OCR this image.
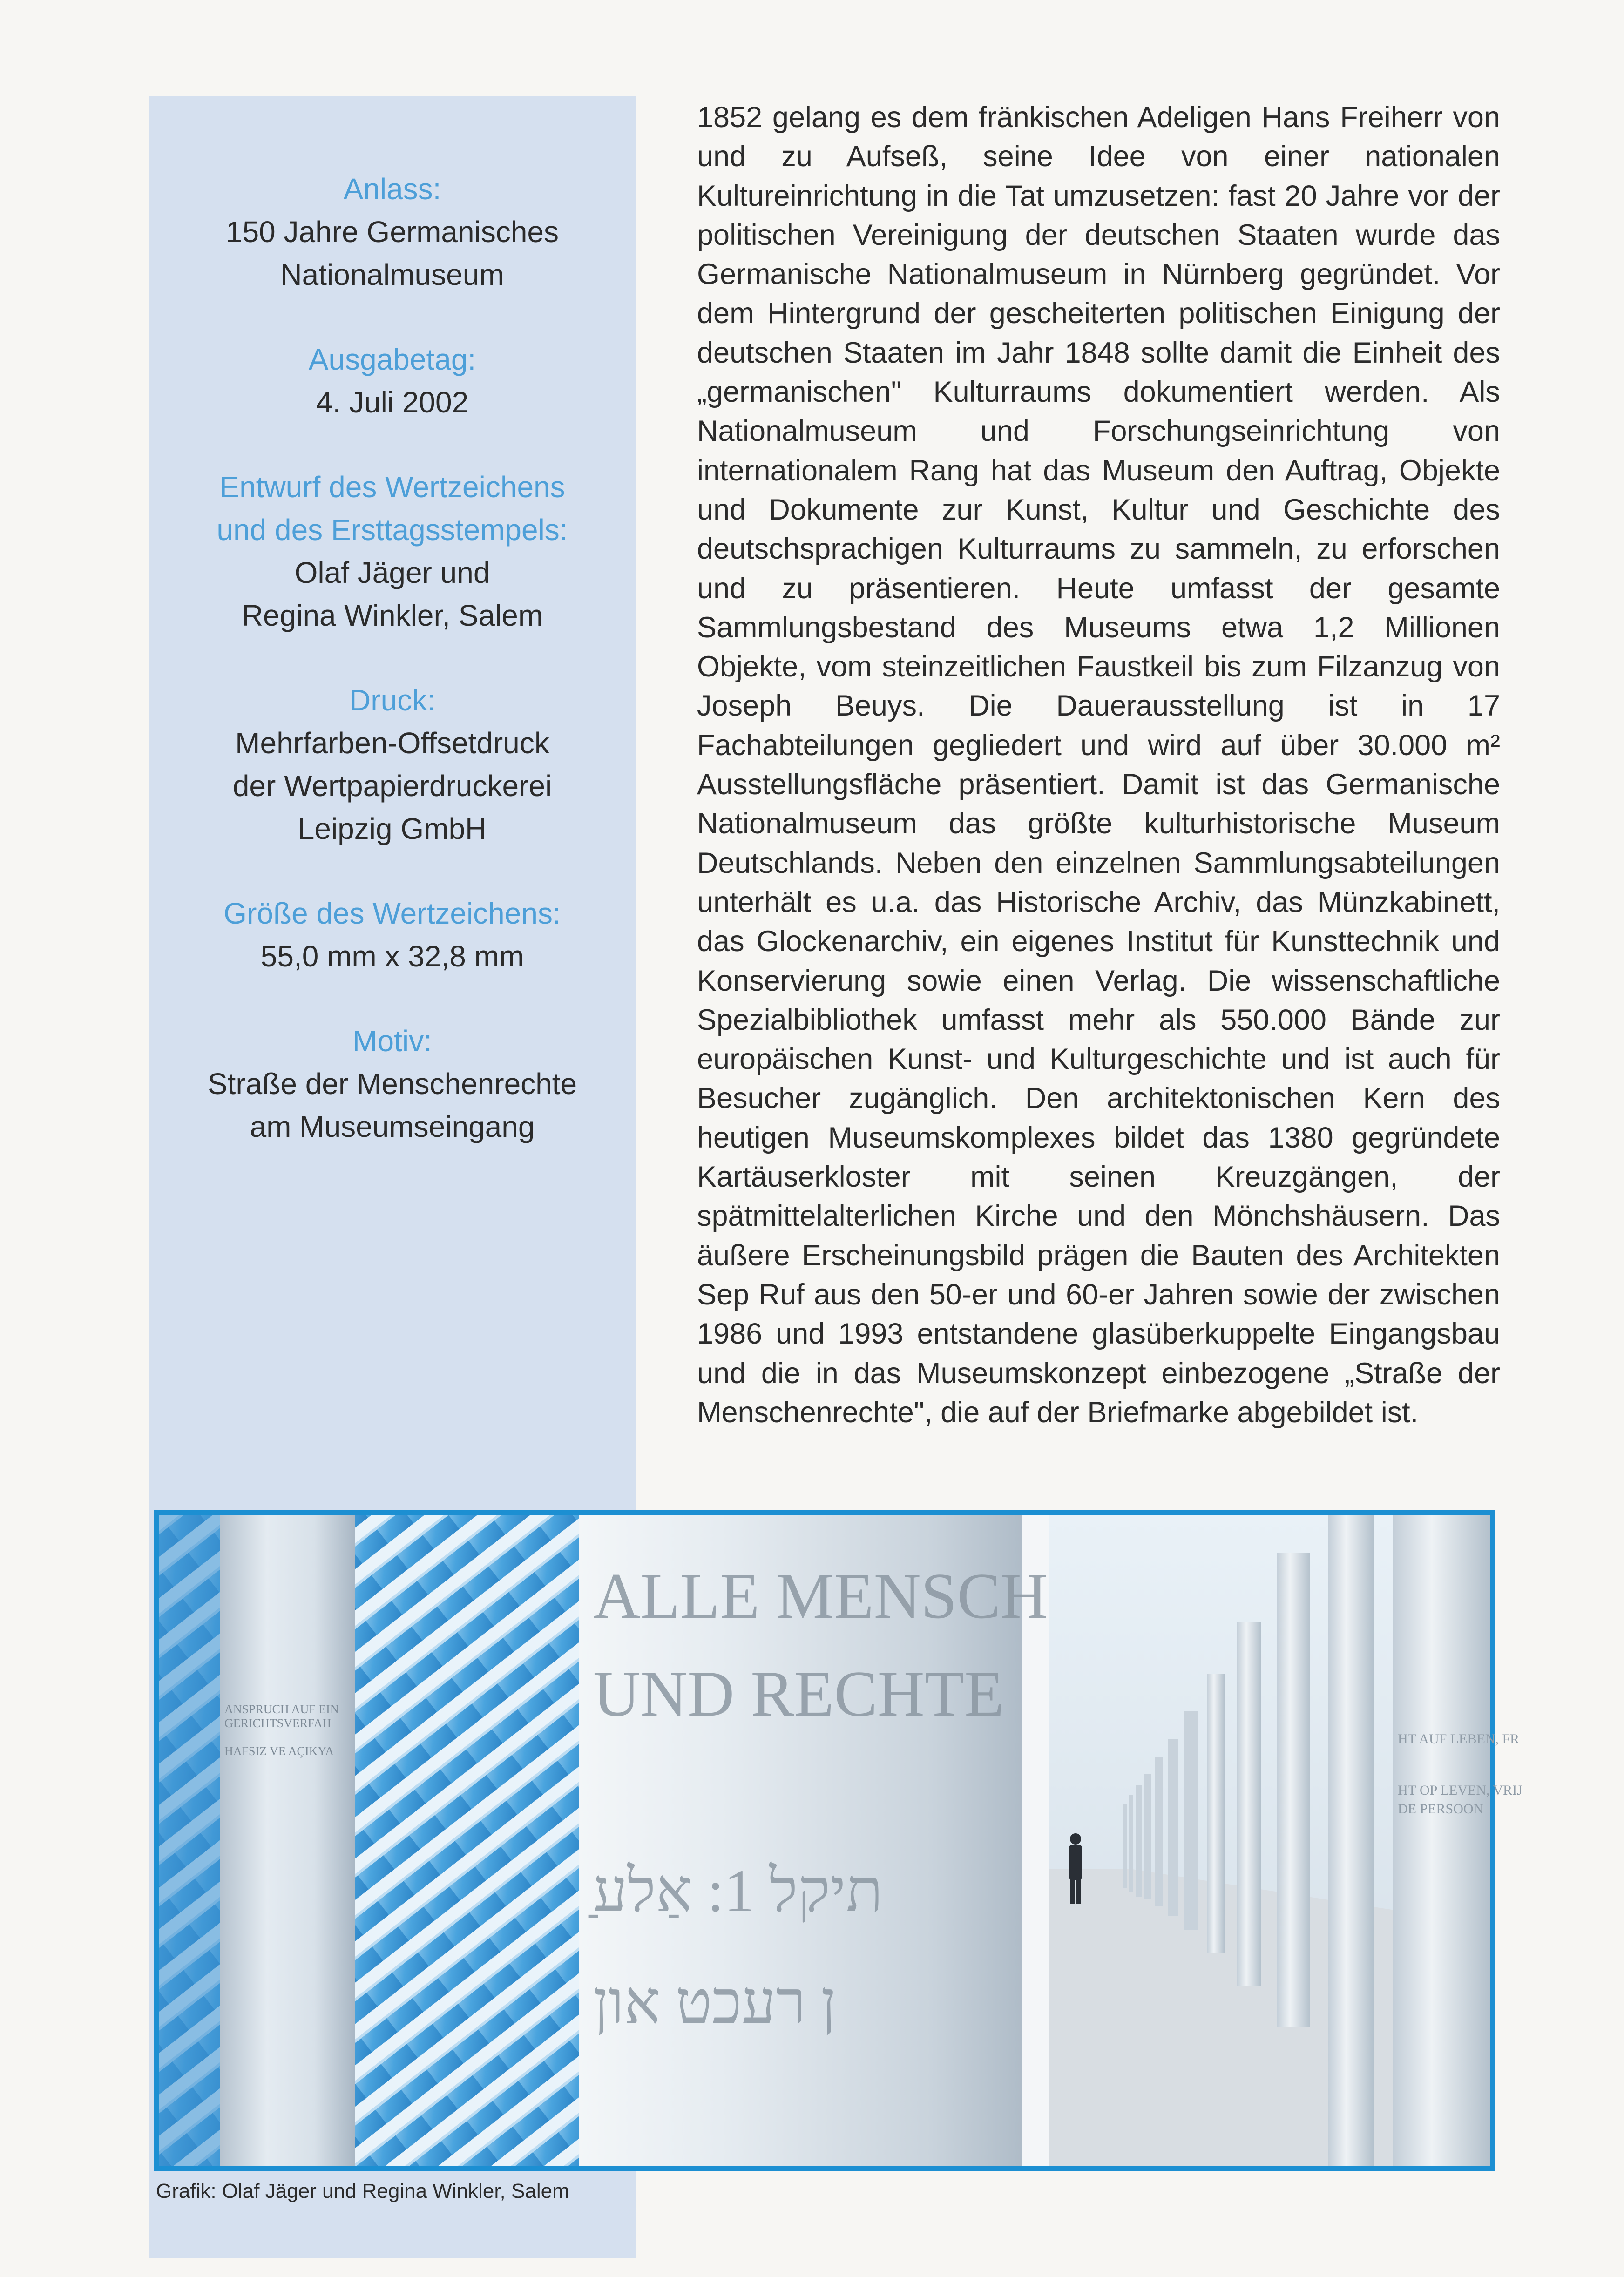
Anlass:

150 Jahre Germanisches
Nationalmuseum

Ausgabetag:

4. Juli 2002

Entwurf des Wertzeichens
und des Ersttagsstempels:

Olaf Jäger und
Regina Winkler, Salem

Druck:

Mehrfarben-Offsetdruck
der Wertpapierdruckerei
Leipzig GmbH

Größe des Wertzeichens:

55,0 mm x 32,8 mm

Motiv:

Straße der Menschenrechte
am Museumseingang

1852 gelang es dem fränkischen Adeligen Hans Freiherr von und zu Aufseß, seine Idee von einer nationalen Kultureinrichtung in die Tat umzusetzen: fast 20 Jahre vor der politischen Vereinigung der deutschen Staaten wurde das Germanische Nationalmuseum in Nürnberg gegründet. Vor dem Hintergrund der gescheiterten politischen Einigung der deutschen Staaten im Jahr 1848 sollte damit die Einheit des „germanischen" Kulturraums dokumentiert werden. Als Nationalmuseum und Forschungseinrichtung von internationalem Rang hat das Museum den Auftrag, Objekte und Dokumente zur Kunst, Kultur und Geschichte des deutschsprachigen Kulturraums zu sammeln, zu erforschen und zu präsentieren. Heute umfasst der gesamte Sammlungsbestand des Museums etwa 1,2 Millionen Objekte, vom steinzeitlichen Faustkeil bis zum Filzanzug von Joseph Beuys. Die Dauerausstellung ist in 17 Fachabteilungen gegliedert und wird auf über 30.000 m² Ausstellungsfläche präsentiert. Damit ist das Germanische Nationalmuseum das größte kulturhistorische Museum Deutschlands. Neben den einzelnen Sammlungsabteilungen unterhält es u.a. das Historische Archiv, das Münzkabinett, das Glockenarchiv, ein eigenes Institut für Kunsttechnik und Konservierung sowie einen Verlag. Die wissenschaftliche Spezialbibliothek umfasst mehr als 550.000 Bände zur europäischen Kunst- und Kulturgeschichte und ist auch für Besucher zugänglich. Den architektonischen Kern des heutigen Museumskomplexes bildet das 1380 gegründete Kartäuserkloster mit seinen Kreuzgängen, der spätmittelalterlichen Kirche und den Mönchshäusern. Das äußere Erscheinungsbild prägen die Bauten des Architekten Sep Ruf aus den 50-er und 60-er Jahren sowie der zwischen 1986 und 1993 entstandene glasüberkuppelte Eingangsbau und die in das Museumskonzept einbezogene „Straße der Menschenrechte", die auf der Briefmarke abgebildet ist.

ANSPRUCH AUF EIN
GERICHTSVERFAH
HAFSIZ VE AÇIKYA
ALLE MENSCH
UND RECHTE
ַתיקל 1: אַלע
ן רעכט און
HT AUF LEBEN, FR
HT OP LEVEN, VRIJ
DE PERSOON

Grafik: Olaf Jäger und Regina Winkler, Salem
